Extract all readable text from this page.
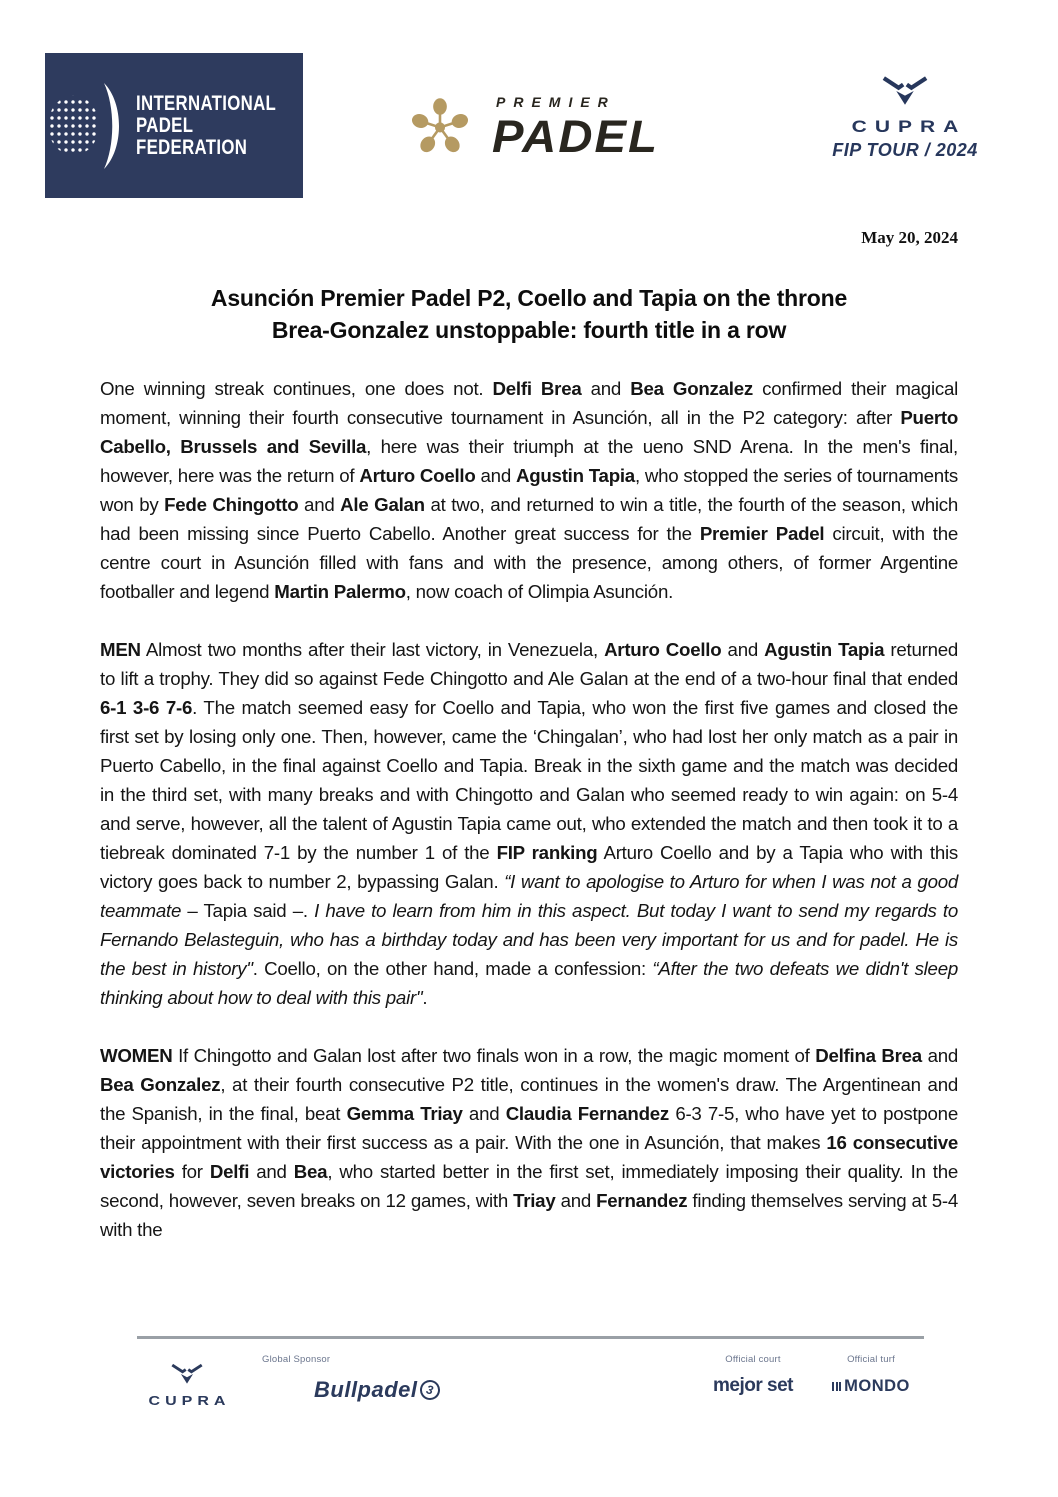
INTERNATIONAL
PADEL
FEDERATION
PREMIER
PADEL	CUPRA
FIP TOUR / 2024
May 20, 2024
Asunción Premier Padel P2, Coello and Tapia on the throne
Brea-Gonzalez unstoppable: fourth title in a row

One winning streak continues, one does not. Delfi Brea and Bea Gonzalez confirmed their magical moment, winning their fourth consecutive tournament in Asunción, all in the P2 category: after Puerto Cabello, Brussels and Sevilla, here was their triumph at the ueno SND Arena. In the men's final, however, here was the return of Arturo Coello and Agustin Tapia, who stopped the series of tournaments won by Fede Chingotto and Ale Galan at two, and returned to win a title, the fourth of the season, which had been missing since Puerto Cabello. Another great success for the Premier Padel circuit, with the centre court in Asunción filled with fans and with the presence, among others, of former Argentine footballer and legend Martin Palermo, now coach of Olimpia Asunción.

MEN Almost two months after their last victory, in Venezuela, Arturo Coello and Agustin Tapia returned to lift a trophy. They did so against Fede Chingotto and Ale Galan at the end of a two-hour final that ended 6-1 3-6 7-6. The match seemed easy for Coello and Tapia, who won the first five games and closed the first set by losing only one. Then, however, came the ‘Chingalan’, who had lost her only match as a pair in Puerto Cabello, in the final against Coello and Tapia. Break in the sixth game and the match was decided in the third set, with many breaks and with Chingotto and Galan who seemed ready to win again: on 5-4 and serve, however, all the talent of Agustin Tapia came out, who extended the match and then took it to a tiebreak dominated 7-1 by the number 1 of the FIP ranking Arturo Coello and by a Tapia who with this victory goes back to number 2, bypassing Galan. “I want to apologise to Arturo for when I was not a good teammate – Tapia said –. I have to learn from him in this aspect. But today I want to send my regards to Fernando Belasteguin, who has a birthday today and has been very important for us and for padel. He is the best in history". Coello, on the other hand, made a confession: “After the two defeats we didn't sleep thinking about how to deal with this pair".

WOMEN If Chingotto and Galan lost after two finals won in a row, the magic moment of Delfina Brea and Bea Gonzalez, at their fourth consecutive P2 title, continues in the women's draw. The Argentinean and the Spanish, in the final, beat Gemma Triay and Claudia Fernandez 6-3 7-5, who have yet to postpone their appointment with their first success as a pair. With the one in Asunción, that makes 16 consecutive victories for Delfi and Bea, who started better in the first set, immediately imposing their quality. In the second, however, seven breaks on 12 games, with Triay and Fernandez finding themselves serving at 5-4 with the

CUPRA
Global Sponsor
Bullpadel 3
Official court
mejor set
Official turf
MONDO
